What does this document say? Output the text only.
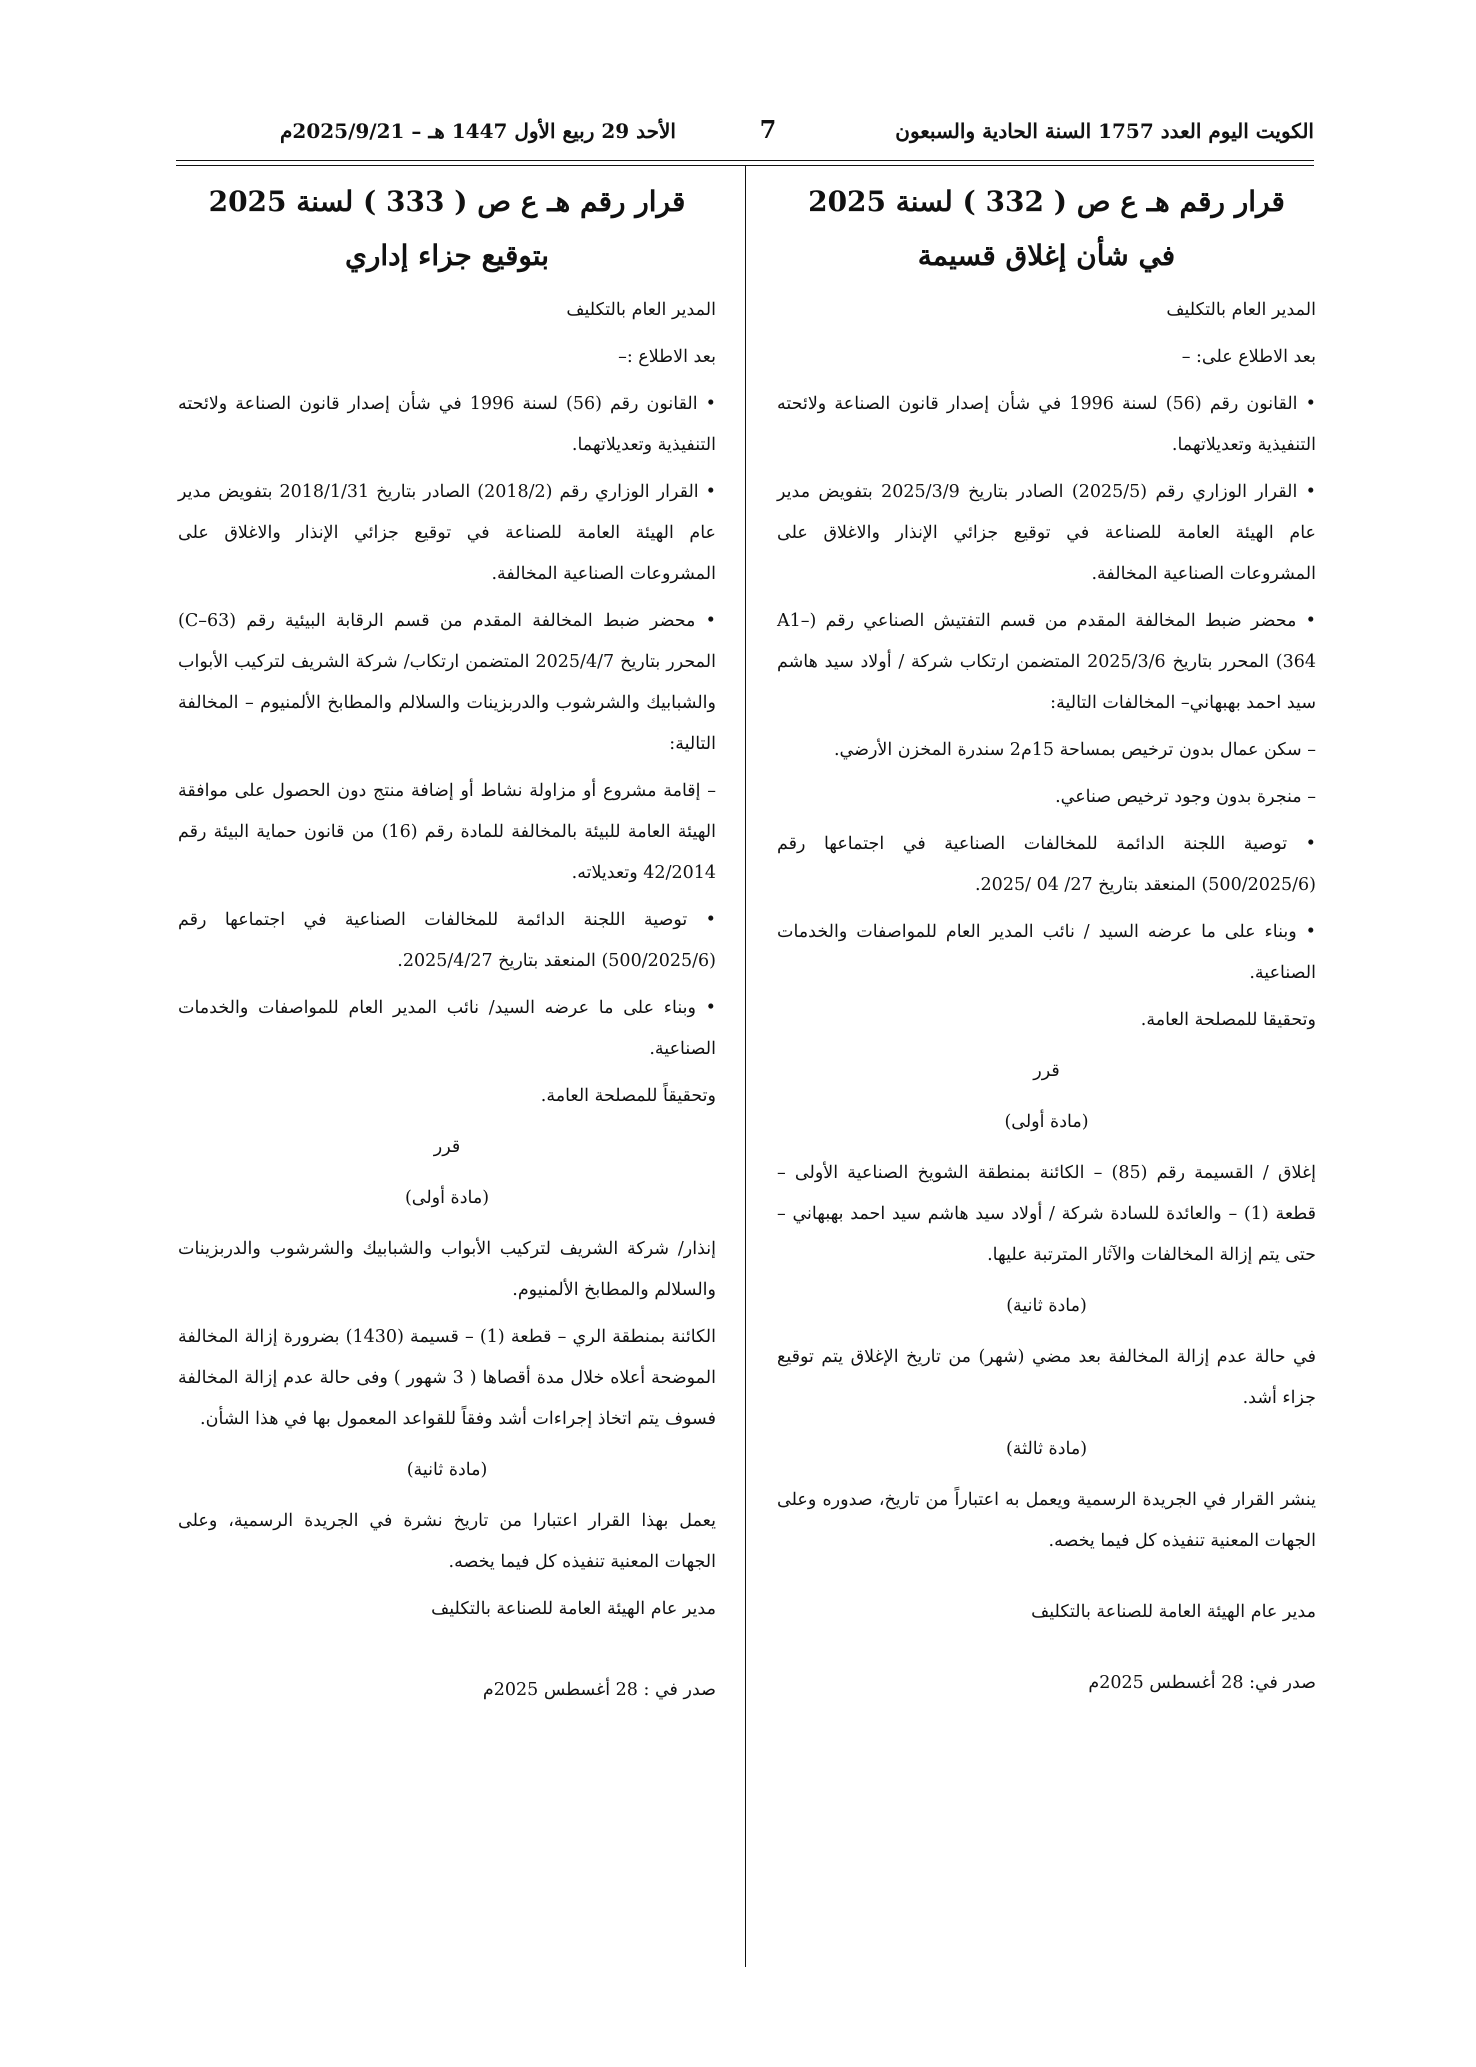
الكويت اليوم العدد 1757 السنة الحادية والسبعون
7
الأحد 29 ربيع الأول 1447 هـ – 2025/9/21م
قرار رقم هـ ع ص ( 332 ) لسنة 2025
في شأن إغلاق قسيمة

المدير العام بالتكليف

بعد الاطلاع على: –

• القانون رقم (56) لسنة 1996 في شأن إصدار قانون الصناعة ولائحته التنفيذية وتعديلاتهما.

• القرار الوزاري رقم (2025/5) الصادر بتاريخ 2025/3/9 بتفويض مدير عام الهيئة العامة للصناعة في توقيع جزائي الإنذار والاغلاق على المشروعات الصناعية المخالفة.

• محضر ضبط المخالفة المقدم من قسم التفتيش الصناعي رقم (A1–364) المحرر بتاريخ 2025/3/6 المتضمن ارتكاب شركة / أولاد سيد هاشم سيد احمد بهبهاني– المخالفات التالية:

– سكن عمال بدون ترخيص بمساحة 15م2 سندرة المخزن الأرضي.

– منجرة بدون وجود ترخيص صناعي.

• توصية اللجنة الدائمة للمخالفات الصناعية في اجتماعها رقم (500/2025/6) المنعقد بتاريخ 27/ 04 /2025.

• وبناء على ما عرضه السيد / نائب المدير العام للمواصفات والخدمات الصناعية.

وتحقيقا للمصلحة العامة.

قرر

(مادة أولى)

إغلاق / القسيمة رقم (85) – الكائنة بمنطقة الشويخ الصناعية الأولى – قطعة (1) – والعائدة للسادة شركة / أولاد سيد هاشم سيد احمد بهبهاني – حتى يتم إزالة المخالفات والآثار المترتبة عليها.

(مادة ثانية)

في حالة عدم إزالة المخالفة بعد مضي (شهر) من تاريخ الإغلاق يتم توقيع جزاء أشد.

(مادة ثالثة)

ينشر القرار في الجريدة الرسمية ويعمل به اعتباراً من تاريخ، صدوره وعلى الجهات المعنية تنفيذه كل فيما يخصه.

مدير عام الهيئة العامة للصناعة بالتكليف

صدر في: 28 أغسطس 2025م

قرار رقم هـ ع ص ( 333 ) لسنة 2025
بتوقيع جزاء إداري

المدير العام بالتكليف

بعد الاطلاع :–

• القانون رقم (56) لسنة 1996 في شأن إصدار قانون الصناعة ولائحته التنفيذية وتعديلاتهما.

• القرار الوزاري رقم (2018/2) الصادر بتاريخ 2018/1/31 بتفويض مدير عام الهيئة العامة للصناعة في توقيع جزائي الإنذار والاغلاق على المشروعات الصناعية المخالفة.

• محضر ضبط المخالفة المقدم من قسم الرقابة البيئية رقم (C–63) المحرر بتاريخ 2025/4/7 المتضمن ارتكاب/ شركة الشريف لتركيب الأبواب والشبابيك والشرشوب والدربزينات والسلالم والمطابخ الألمنيوم – المخالفة التالية:

– إقامة مشروع أو مزاولة نشاط أو إضافة منتج دون الحصول على موافقة الهيئة العامة للبيئة بالمخالفة للمادة رقم (16) من قانون حماية البيئة رقم 42/2014 وتعديلاته.

• توصية اللجنة الدائمة للمخالفات الصناعية في اجتماعها رقم (500/2025/6) المنعقد بتاريخ 2025/4/27.

• وبناء على ما عرضه السيد/ نائب المدير العام للمواصفات والخدمات الصناعية.

وتحقيقاً للمصلحة العامة.

قرر

(مادة أولى)

إنذار/ شركة الشريف لتركيب الأبواب والشبابيك والشرشوب والدربزينات والسلالم والمطابخ الألمنيوم.

الكائنة بمنطقة الري – قطعة (1) – قسيمة (1430) بضرورة إزالة المخالفة الموضحة أعلاه خلال مدة أقصاها ( 3 شهور ) وفى حالة عدم إزالة المخالفة فسوف يتم اتخاذ إجراءات أشد وفقاً للقواعد المعمول بها في هذا الشأن.

(مادة ثانية)

يعمل بهذا القرار اعتبارا من تاريخ نشرة في الجريدة الرسمية، وعلى الجهات المعنية تنفيذه كل فيما يخصه.

مدير عام الهيئة العامة للصناعة بالتكليف

صدر في : 28 أغسطس 2025م
